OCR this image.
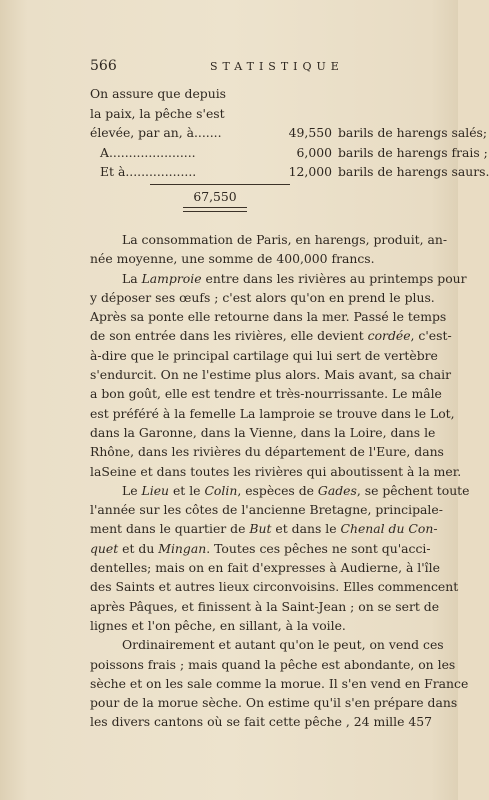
566	STATISTIQUE
On assure que depuis
la paix, la pêche s'est
élevée, par an, à.......	49,550 barils de harengs salés;
A......................	6,000 barils de harengs frais ;
Et à..................	12,000 barils de harengs saurs.
67,550

La consommation de Paris, en harengs, produit, an-
née moyenne, une somme de 400,000 francs.

La Lamproie entre dans les rivières au printemps pour
y déposer ses œufs ; c'est alors qu'on en prend le plus.
Après sa ponte elle retourne dans la mer. Passé le temps
de son entrée dans les rivières, elle devient cordée, c'est-
à-dire que le principal cartilage qui lui sert de vertèbre
s'endurcit. On ne l'estime plus alors. Mais avant, sa chair
a bon goût, elle est tendre et très-nourrissante. Le mâle
est préféré à la femelle La lamproie se trouve dans le Lot,
dans la Garonne, dans la Vienne, dans la Loire, dans le
Rhône, dans les rivières du département de l'Eure, dans
laSeine et dans toutes les rivières qui aboutissent à la mer.

Le Lieu et le Colin, espèces de Gades, se pêchent toute
l'année sur les côtes de l'ancienne Bretagne, principale-
ment dans le quartier de But et dans le Chenal du Con-
quet et du Mingan. Toutes ces pêches ne sont qu'acci-
dentelles; mais on en fait d'expresses à Audierne, à l'île
des Saints et autres lieux circonvoisins. Elles commencent
après Pâques, et finissent à la Saint-Jean ; on se sert de
lignes et l'on pêche, en sillant, à la voile.

Ordinairement et autant qu'on le peut, on vend ces
poissons frais ; mais quand la pêche est abondante, on les
sèche et on les sale comme la morue. Il s'en vend en France
pour de la morue sèche. On estime qu'il s'en prépare dans
les divers cantons où se fait cette pêche , 24 mille 457
